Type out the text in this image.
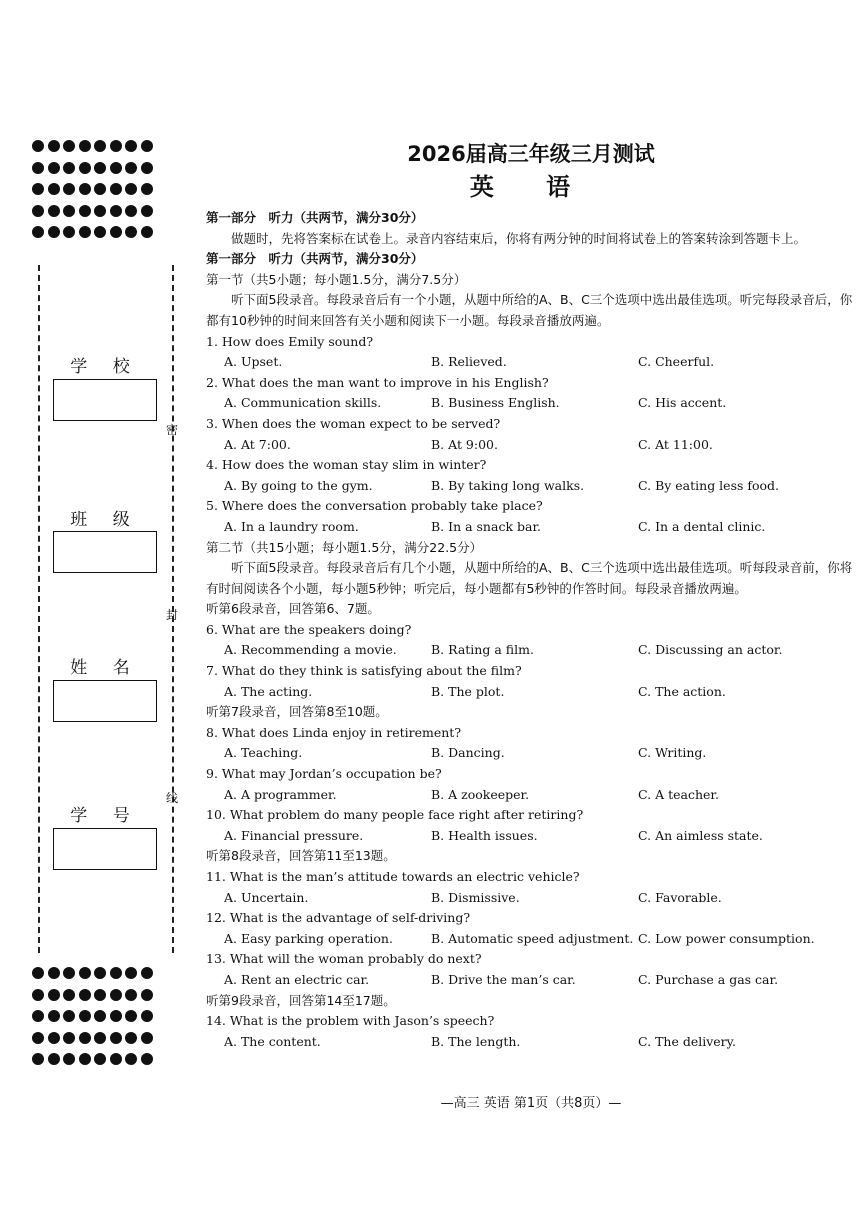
学 校
班 级
姓 名
学 号
密
封
线
2026届高三年级三月测试
英 语
第一部分　听力（共两节，满分30分）
做题时，先将答案标在试卷上。录音内容结束后，你将有两分钟的时间将试卷上的答案转涂到答题卡上。
第一部分　听力（共两节，满分30分）
第一节（共5小题；每小题1.5分，满分7.5分）
听下面5段录音。每段录音后有一个小题，从题中所给的A、B、C三个选项中选出最佳选项。听完每段录音后，你都有10秒钟的时间来回答有关小题和阅读下一小题。每段录音播放两遍。
1. How does Emily sound?
A. Upset.	B. Relieved.	C. Cheerful.
2. What does the man want to improve in his English?
A. Communication skills.	B. Business English.	C. His accent.
3. When does the woman expect to be served?
A. At 7:00.	B. At 9:00.	C. At 11:00.
4. How does the woman stay slim in winter?
A. By going to the gym.	B. By taking long walks.	C. By eating less food.
5. Where does the conversation probably take place?
A. In a laundry room.	B. In a snack bar.	C. In a dental clinic.
第二节（共15小题；每小题1.5分，满分22.5分）
听下面5段录音。每段录音后有几个小题，从题中所给的A、B、C三个选项中选出最佳选项。听每段录音前，你将有时间阅读各个小题，每小题5秒钟；听完后，每小题都有5秒钟的作答时间。每段录音播放两遍。
听第6段录音，回答第6、7题。
6. What are the speakers doing?
A. Recommending a movie.	B. Rating a film.	C. Discussing an actor.
7. What do they think is satisfying about the film?
A. The acting.	B. The plot.	C. The action.
听第7段录音，回答第8至10题。
8. What does Linda enjoy in retirement?
A. Teaching.	B. Dancing.	C. Writing.
9. What may Jordan’s occupation be?
A. A programmer.	B. A zookeeper.	C. A teacher.
10. What problem do many people face right after retiring?
A. Financial pressure.	B. Health issues.	C. An aimless state.
听第8段录音，回答第11至13题。
11. What is the man’s attitude towards an electric vehicle?
A. Uncertain.	B. Dismissive.	C. Favorable.
12. What is the advantage of self-driving?
A. Easy parking operation.	B. Automatic speed adjustment. C. Low power consumption.
13. What will the woman probably do next?
A. Rent an electric car.	B. Drive the man’s car.	C. Purchase a gas car.
听第9段录音，回答第14至17题。
14. What is the problem with Jason’s speech?
A. The content.	B. The length.	C. The delivery.
—高三 英语 第1页（共8页）—
